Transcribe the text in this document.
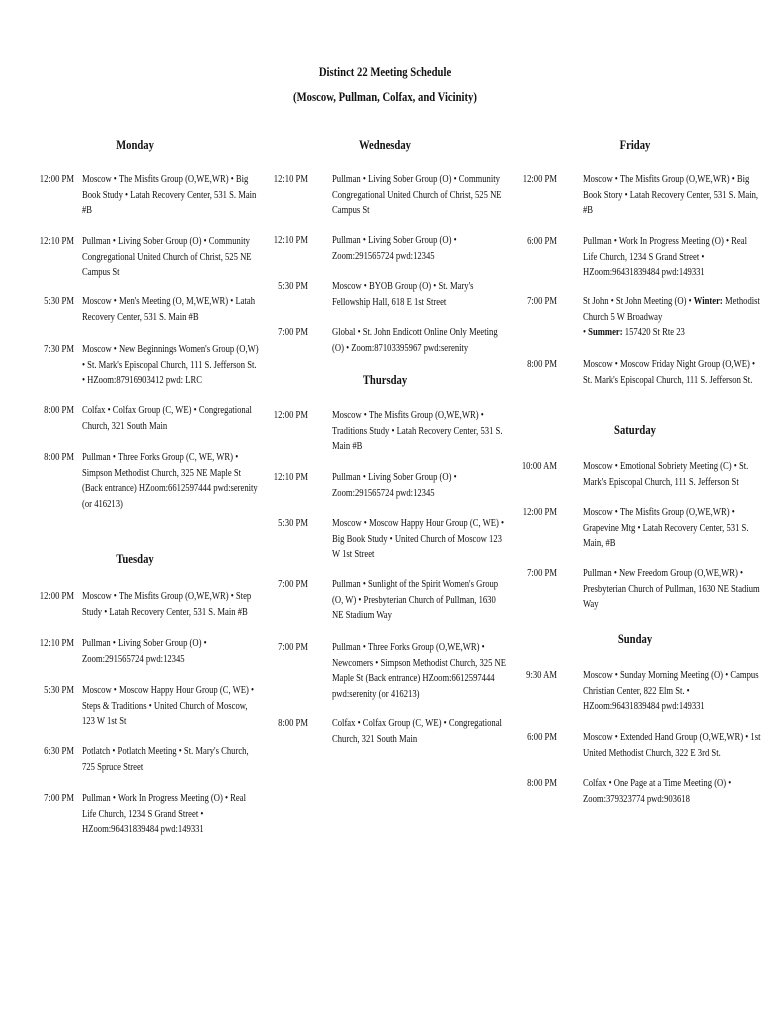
Distinct 22 Meeting Schedule
(Moscow, Pullman, Colfax, and Vicinity)
Monday
12:00 PM Moscow • The Misfits Group (O,WE,WR) • Big
Book Study • Latah Recovery Center, 531 S. Main
#B
12:10 PM Pullman • Living Sober Group (O) • Community
Congregational United Church of Christ, 525 NE
Campus St
5:30 PM Moscow • Men's Meeting (O, M,WE,WR) • Latah
Recovery Center, 531 S. Main #B
7:30 PM Moscow • New Beginnings Women's Group (O,W)
• St. Mark's Episcopal Church, 111 S. Jefferson St.
• HZoom:87916903412 pwd: LRC
8:00 PM Colfax • Colfax Group (C, WE) • Congregational
Church, 321 South Main
8:00 PM Pullman • Three Forks Group (C, WE, WR) •
Simpson Methodist Church, 325 NE Maple St
(Back entrance) HZoom:6612597444 pwd:serenity
(or 416213)
Tuesday
12:00 PM Moscow • The Misfits Group (O,WE,WR) • Step
Study • Latah Recovery Center, 531 S. Main #B
12:10 PM Pullman • Living Sober Group (O) •
Zoom:291565724 pwd:12345
5:30 PM Moscow • Moscow Happy Hour Group (C, WE) •
Steps & Traditions • United Church of Moscow,
123 W 1st St
6:30 PM Potlatch • Potlatch Meeting • St. Mary's Church,
725 Spruce Street
7:00 PM Pullman • Work In Progress Meeting (O) • Real
Life Church, 1234 S Grand Street •
HZoom:96431839484 pwd:149331
Wednesday
12:10 PM Pullman • Living Sober Group (O) • Community
Congregational United Church of Christ, 525 NE
Campus St
12:10 PM Pullman • Living Sober Group (O) •
Zoom:291565724 pwd:12345
5:30 PM Moscow • BYOB Group (O) • St. Mary's
Fellowship Hall, 618 E 1st Street
7:00 PM Global • St. John Endicott Online Only Meeting
(O) • Zoom:87103395967 pwd:serenity
Thursday
12:00 PM Moscow • The Misfits Group (O,WE,WR) •
Traditions Study • Latah Recovery Center, 531 S.
Main #B
12:10 PM Pullman • Living Sober Group (O) •
Zoom:291565724 pwd:12345
5:30 PM Moscow • Moscow Happy Hour Group (C, WE) •
Big Book Study • United Church of Moscow 123
W 1st Street
7:00 PM Pullman • Sunlight of the Spirit Women's Group
(O, W) • Presbyterian Church of Pullman, 1630
NE Stadium Way
7:00 PM Pullman • Three Forks Group (O,WE,WR) •
Newcomers • Simpson Methodist Church, 325 NE
Maple St (Back entrance) HZoom:6612597444
pwd:serenity (or 416213)
8:00 PM Colfax • Colfax Group (C, WE) • Congregational
Church, 321 South Main
Friday
12:00 PM Moscow • The Misfits Group (O,WE,WR) • Big
Book Story • Latah Recovery Center, 531 S. Main,
#B
6:00 PM Pullman • Work In Progress Meeting (O) • Real
Life Church, 1234 S Grand Street •
HZoom:96431839484 pwd:149331
7:00 PM St John • St John Meeting (O) • Winter: Methodist
Church 5 W Broadway
• Summer: 157420 St Rte 23
8:00 PM Moscow • Moscow Friday Night Group (O,WE) •
St. Mark's Episcopal Church, 111 S. Jefferson St.
Saturday
10:00 AM Moscow • Emotional Sobriety Meeting (C) • St.
Mark's Episcopal Church, 111 S. Jefferson St
12:00 PM Moscow • The Misfits Group (O,WE,WR) •
Grapevine Mtg • Latah Recovery Center, 531 S.
Main, #B
7:00 PM Pullman • New Freedom Group (O,WE,WR) •
Presbyterian Church of Pullman, 1630 NE Stadium
Way
Sunday
9:30 AM Moscow • Sunday Morning Meeting (O) • Campus
Christian Center, 822 Elm St. •
HZoom:96431839484 pwd:149331
6:00 PM Moscow • Extended Hand Group (O,WE,WR) • 1st
United Methodist Church, 322 E 3rd St.
8:00 PM Colfax • One Page at a Time Meeting (O) •
Zoom:379323774 pwd:903618
